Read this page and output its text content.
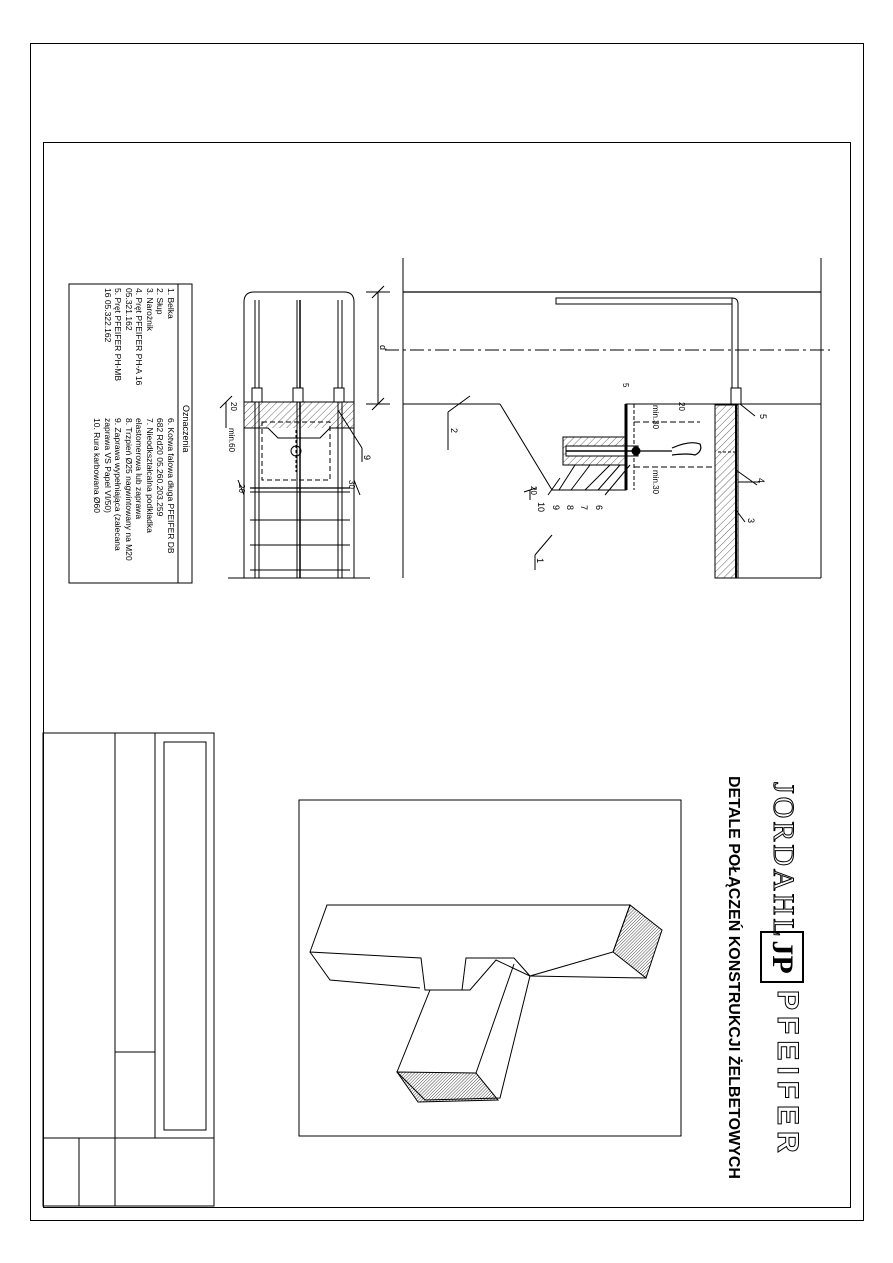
JORDAHL
JP
PFEIFER
DETALE POŁĄCZEŃ KONSTRUKCJI ŻELBETOWYCH
Oznaczenia
1. Belka
2. Słup
3. Narożnik
4. Pręt PFEIFER PH-A 16
05.321.162
5. Pręt PFEIFER PH-MB
16 05.322.162
6. Kotwa falowa długa PFEIFER DB
682 Rd20 05.260.203.259
7. Nieodkształcalna podkładka
elastomerowa lub zaprawa
8. Trzpień Ø25 nagwintowany na M20
9. Zaprawa wypełniająca (zalecana
zaprawa VS Papel VI/50)
10. Rura karbowana Ø60
d
20
min.60
20	30
5
min.30 20
min.30
20
5
2
1
10 9 8 7 6
4
3
9
